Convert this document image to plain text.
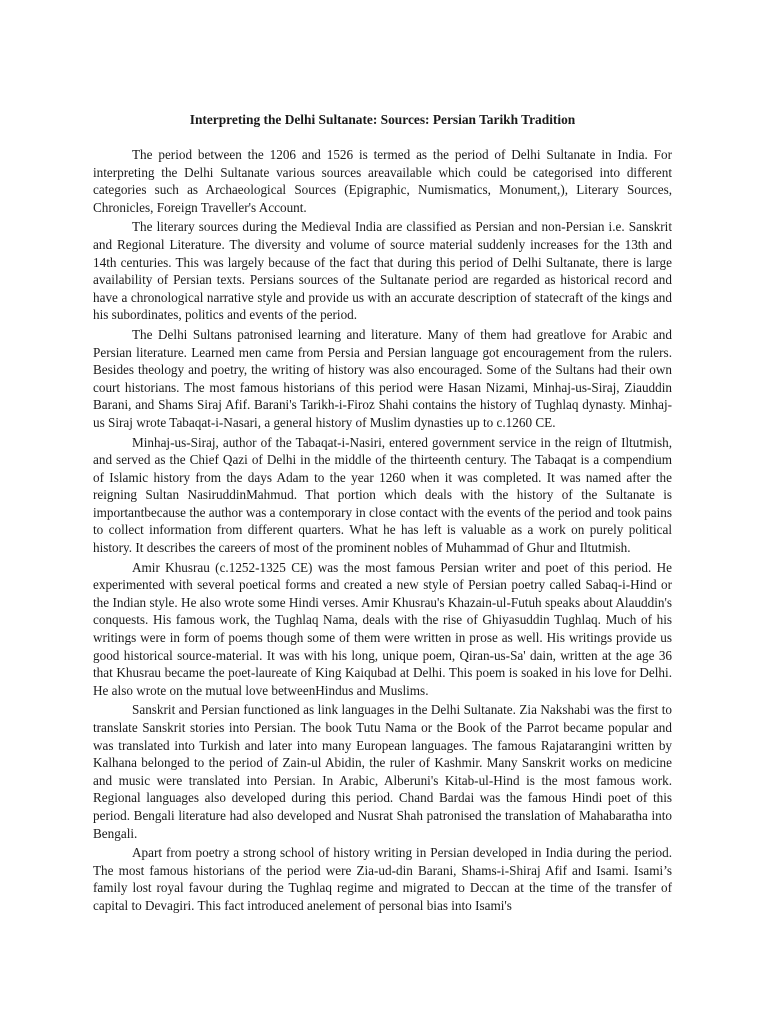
Interpreting the Delhi Sultanate: Sources: Persian Tarikh Tradition

The period between the 1206 and 1526 is termed as the period of Delhi Sultanate in India. For interpreting the Delhi Sultanate various sources areavailable which could be categorised into different categories such as Archaeological Sources (Epigraphic, Numismatics, Monument,), Literary Sources, Chronicles, Foreign Traveller's Account.

The literary sources during the Medieval India are classified as Persian and non-Persian i.e. Sanskrit and Regional Literature. The diversity and volume of source material suddenly increases for the 13th and 14th centuries. This was largely because of the fact that during this period of Delhi Sultanate, there is large availability of Persian texts. Persians sources of the Sultanate period are regarded as historical record and have a chronological narrative style and provide us with an accurate description of statecraft of the kings and his subordinates, politics and events of the period.

The Delhi Sultans patronised learning and literature. Many of them had greatlove for Arabic and Persian literature. Learned men came from Persia and Persian language got encouragement from the rulers. Besides theology and poetry, the writing of history was also encouraged. Some of the Sultans had their own court historians. The most famous historians of this period were Hasan Nizami, Minhaj-us-Siraj, Ziauddin Barani, and Shams Siraj Afif. Barani's Tarikh-i-Firoz Shahi contains the history of Tughlaq dynasty. Minhaj-us Siraj wrote Tabaqat-i-Nasari, a general history of Muslim dynasties up to c.1260 CE.

Minhaj-us-Siraj, author of the Tabaqat-i-Nasiri, entered government service in the reign of Iltutmish, and served as the Chief Qazi of Delhi in the middle of the thirteenth century. The Tabaqat is a compendium of Islamic history from the days Adam to the year 1260 when it was completed. It was named after the reigning Sultan NasiruddinMahmud. That portion which deals with the history of the Sultanate is importantbecause the author was a contemporary in close contact with the events of the period and took pains to collect information from different quarters. What he has left is valuable as a work on purely political history. It describes the careers of most of the prominent nobles of Muhammad of Ghur and Iltutmish.

Amir Khusrau (c.1252-1325 CE) was the most famous Persian writer and poet of this period. He experimented with several poetical forms and created a new style of Persian poetry called Sabaq-i-Hind or the Indian style. He also wrote some Hindi verses. Amir Khusrau's Khazain-ul-Futuh speaks about Alauddin's conquests. His famous work, the Tughlaq Nama, deals with the rise of Ghiyasuddin Tughlaq. Much of his writings were in form of poems though some of them were written in prose as well. His writings provide us good historical source-material. It was with his long, unique poem, Qiran-us-Sa' dain, written at the age 36 that Khusrau became the poet-laureate of King Kaiqubad at Delhi. This poem is soaked in his love for Delhi. He also wrote on the mutual love betweenHindus and Muslims.

Sanskrit and Persian functioned as link languages in the Delhi Sultanate. Zia Nakshabi was the first to translate Sanskrit stories into Persian. The book Tutu Nama or the Book of the Parrot became popular and was translated into Turkish and later into many European languages. The famous Rajatarangini written by Kalhana belonged to the period of Zain-ul Abidin, the ruler of Kashmir. Many Sanskrit works on medicine and music were translated into Persian. In Arabic, Alberuni's Kitab-ul-Hind is the most famous work. Regional languages also developed during this period. Chand Bardai was the famous Hindi poet of this period. Bengali literature had also developed and Nusrat Shah patronised the translation of Mahabaratha into Bengali.

Apart from poetry a strong school of history writing in Persian developed in India during the period. The most famous historians of the period were Zia-ud-din Barani, Shams-i-Shiraj Afif and Isami. Isami’s family lost royal favour during the Tughlaq regime and migrated to Deccan at the time of the transfer of capital to Devagiri. This fact introduced anelement of personal bias into Isami's
